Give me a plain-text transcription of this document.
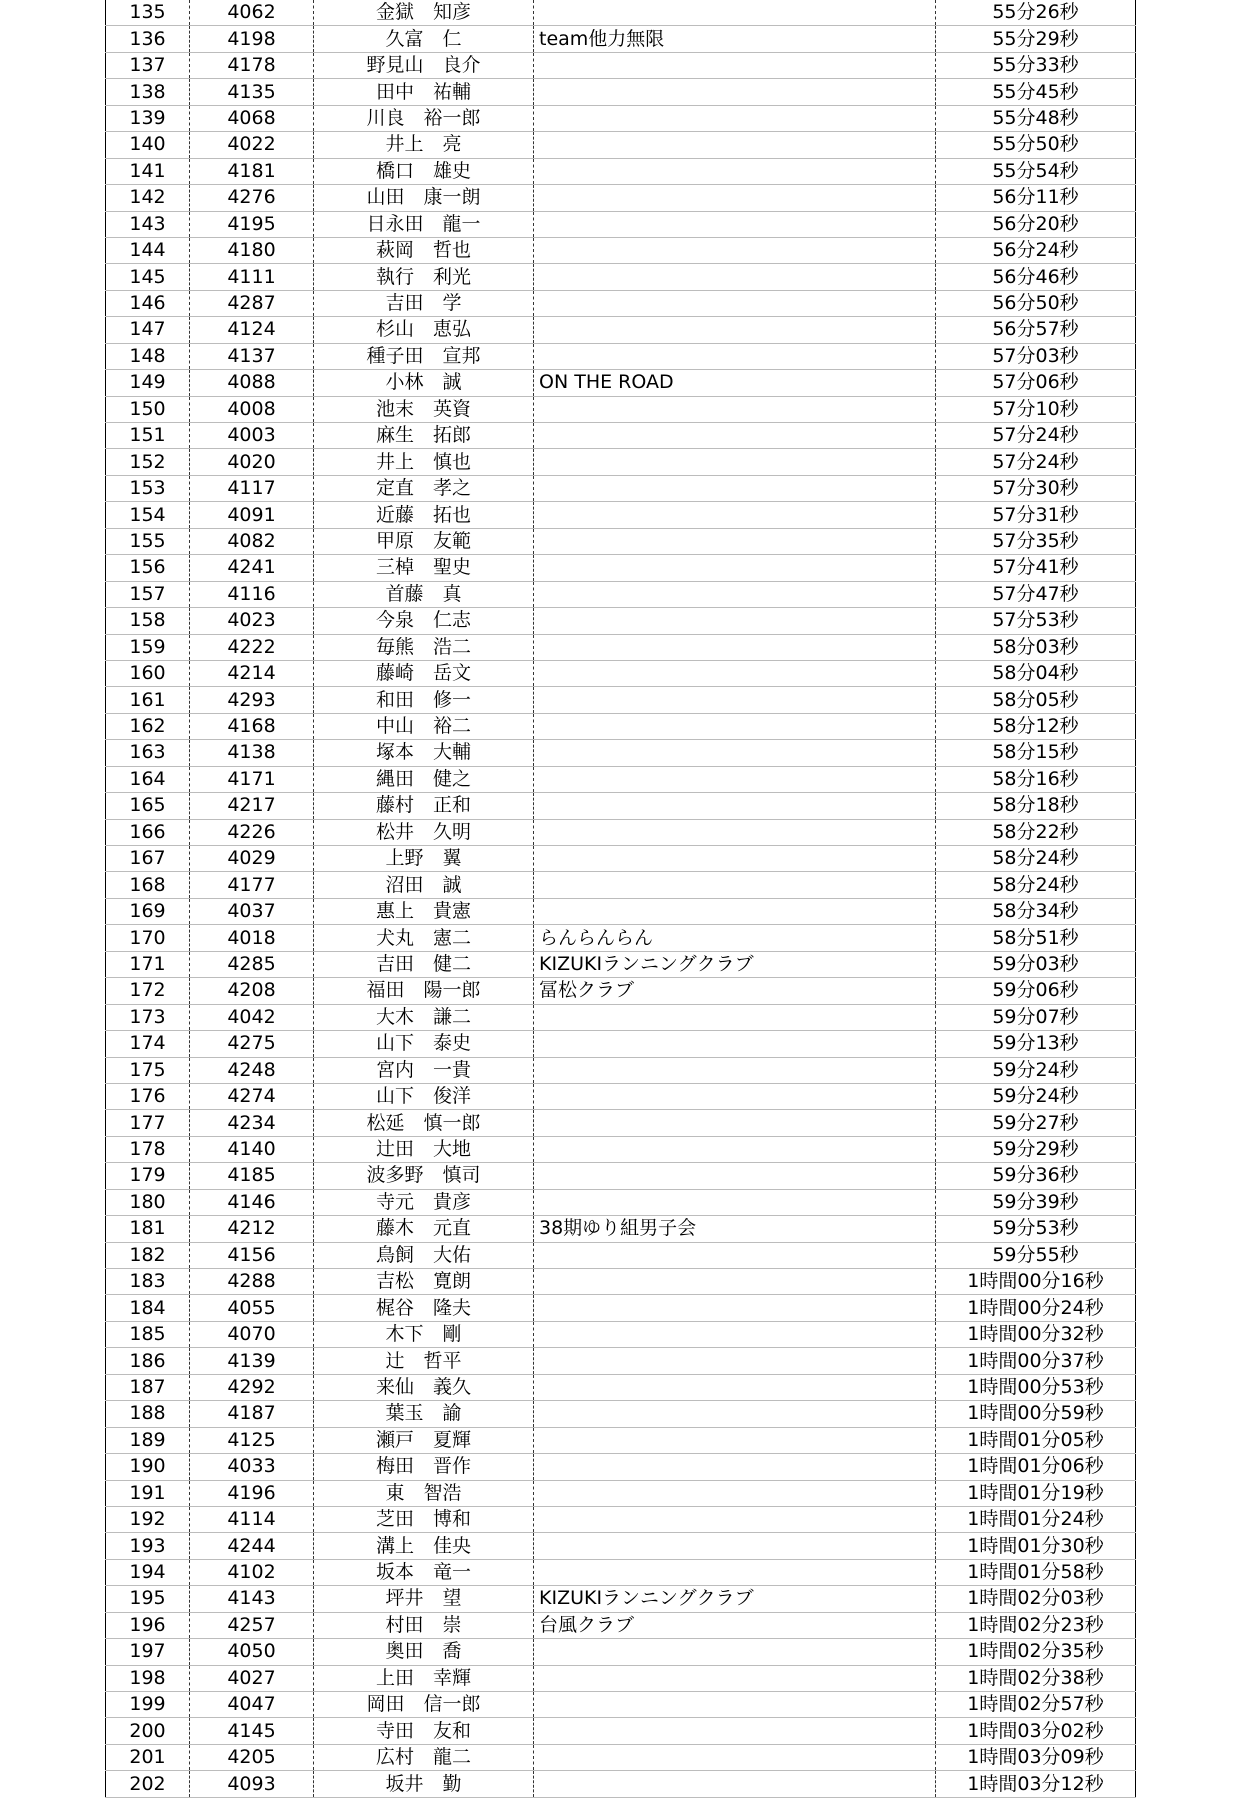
135	4062	金獄　知彦		55分26秒
136	4198	久富　仁	team他力無限	55分29秒
137	4178	野見山　良介		55分33秒
138	4135	田中　祐輔		55分45秒
139	4068	川良　裕一郎		55分48秒
140	4022	井上　亮		55分50秒
141	4181	橋口　雄史		55分54秒
142	4276	山田　康一朗		56分11秒
143	4195	日永田　龍一		56分20秒
144	4180	萩岡　哲也		56分24秒
145	4111	執行　利光		56分46秒
146	4287	吉田　学		56分50秒
147	4124	杉山　恵弘		56分57秒
148	4137	種子田　宣邦		57分03秒
149	4088	小林　誠	ON THE ROAD	57分06秒
150	4008	池末　英資		57分10秒
151	4003	麻生　拓郎		57分24秒
152	4020	井上　慎也		57分24秒
153	4117	定直　孝之		57分30秒
154	4091	近藤　拓也		57分31秒
155	4082	甲原　友範		57分35秒
156	4241	三棹　聖史		57分41秒
157	4116	首藤　真		57分47秒
158	4023	今泉　仁志		57分53秒
159	4222	毎熊　浩二		58分03秒
160	4214	藤崎　岳文		58分04秒
161	4293	和田　修一		58分05秒
162	4168	中山　裕二		58分12秒
163	4138	塚本　大輔		58分15秒
164	4171	縄田　健之		58分16秒
165	4217	藤村　正和		58分18秒
166	4226	松井　久明		58分22秒
167	4029	上野　翼		58分24秒
168	4177	沼田　誠		58分24秒
169	4037	惠上　貴憲		58分34秒
170	4018	犬丸　憲二	らんらんらん	58分51秒
171	4285	吉田　健二	KIZUKIランニングクラブ	59分03秒
172	4208	福田　陽一郎	冨松クラブ	59分06秒
173	4042	大木　謙二		59分07秒
174	4275	山下　泰史		59分13秒
175	4248	宮内　一貴		59分24秒
176	4274	山下　俊洋		59分24秒
177	4234	松延　慎一郎		59分27秒
178	4140	辻田　大地		59分29秒
179	4185	波多野　慎司		59分36秒
180	4146	寺元　貴彦		59分39秒
181	4212	藤木　元直	38期ゆり組男子会	59分53秒
182	4156	鳥飼　大佑		59分55秒
183	4288	吉松　寛朗		1時間00分16秒
184	4055	梶谷　隆夫		1時間00分24秒
185	4070	木下　剛		1時間00分32秒
186	4139	辻　哲平		1時間00分37秒
187	4292	来仙　義久		1時間00分53秒
188	4187	葉玉　諭		1時間00分59秒
189	4125	瀬戸　夏輝		1時間01分05秒
190	4033	梅田　晋作		1時間01分06秒
191	4196	東　智浩		1時間01分19秒
192	4114	芝田　博和		1時間01分24秒
193	4244	溝上　佳央		1時間01分30秒
194	4102	坂本　竜一		1時間01分58秒
195	4143	坪井　望	KIZUKIランニングクラブ	1時間02分03秒
196	4257	村田　崇	台風クラブ	1時間02分23秒
197	4050	奥田　喬		1時間02分35秒
198	4027	上田　幸輝		1時間02分38秒
199	4047	岡田　信一郎		1時間02分57秒
200	4145	寺田　友和		1時間03分02秒
201	4205	広村　龍二		1時間03分09秒
202	4093	坂井　勤		1時間03分12秒
